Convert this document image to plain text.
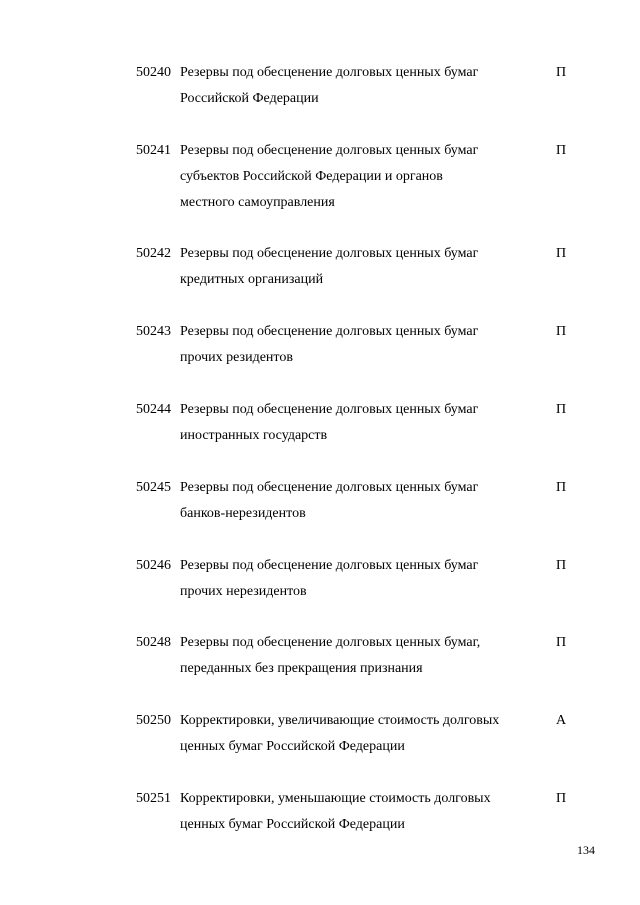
50240 Резервы под обесценение долговых ценных бумаг
Российской Федерации
П
50241 Резервы под обесценение долговых ценных бумаг
субъектов Российской Федерации и органов
местного самоуправления
П
50242 Резервы под обесценение долговых ценных бумаг
кредитных организаций
П
50243 Резервы под обесценение долговых ценных бумаг
прочих резидентов
П
50244 Резервы под обесценение долговых ценных бумаг
иностранных государств
П
50245 Резервы под обесценение долговых ценных бумаг
банков-нерезидентов
П
50246 Резервы под обесценение долговых ценных бумаг
прочих нерезидентов
П
50248 Резервы под обесценение долговых ценных бумаг,
переданных без прекращения признания
П
50250 Корректировки, увеличивающие стоимость долговых
ценных бумаг Российской Федерации
А
50251 Корректировки, уменьшающие стоимость долговых
ценных бумаг Российской Федерации
П
134
